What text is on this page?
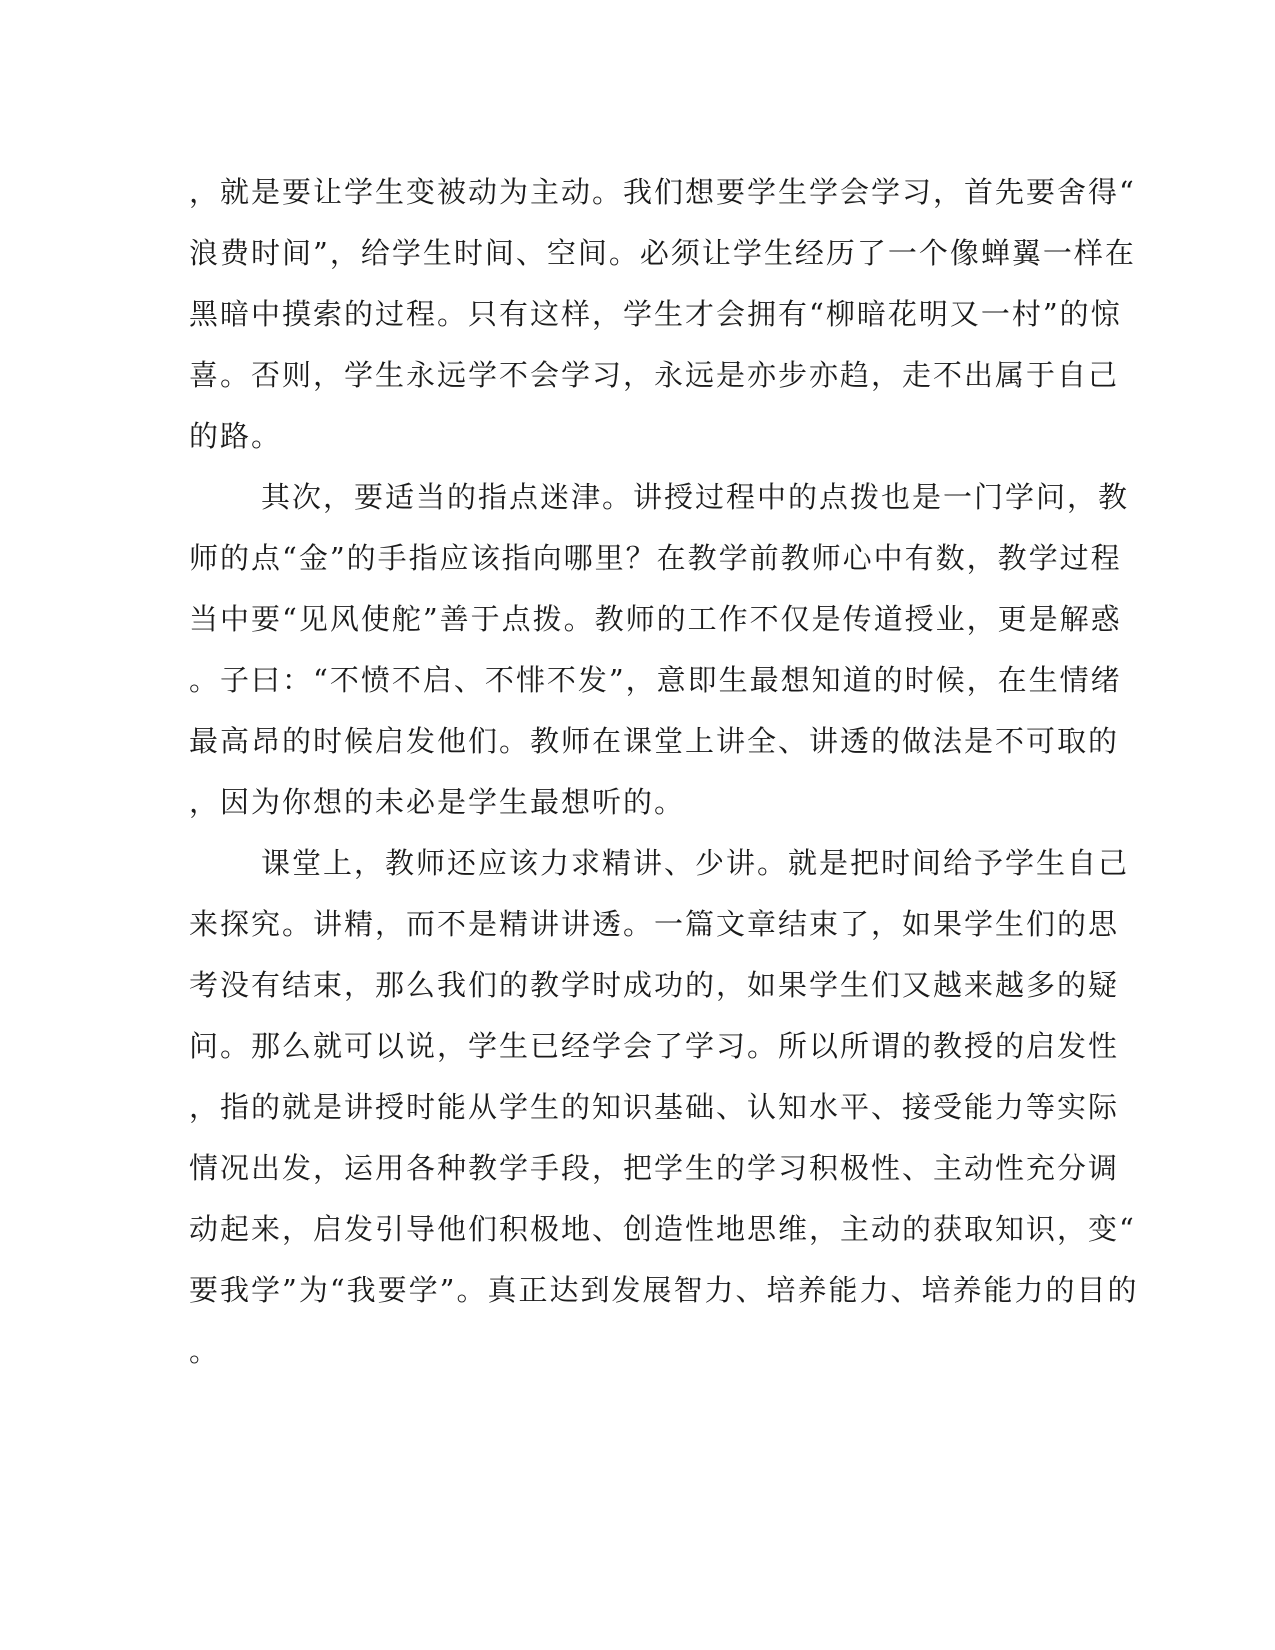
，就是要让学生变被动为主动。我们想要学生学会学习，首先要舍得“
浪费时间”，给学生时间、空间。必须让学生经历了一个像蝉翼一样在
黑暗中摸索的过程。只有这样，学生才会拥有“柳暗花明又一村”的惊
喜。否则，学生永远学不会学习，永远是亦步亦趋，走不出属于自己
的路。
其次，要适当的指点迷津。讲授过程中的点拨也是一门学问，教
师的点“金”的手指应该指向哪里？在教学前教师心中有数，教学过程
当中要“见风使舵”善于点拨。教师的工作不仅是传道授业，更是解惑
。子曰：“不愤不启、不悱不发”，意即生最想知道的时候，在生情绪
最高昂的时候启发他们。教师在课堂上讲全、讲透的做法是不可取的
，因为你想的未必是学生最想听的。
课堂上，教师还应该力求精讲、少讲。就是把时间给予学生自己
来探究。讲精，而不是精讲讲透。一篇文章结束了，如果学生们的思
考没有结束，那么我们的教学时成功的，如果学生们又越来越多的疑
问。那么就可以说，学生已经学会了学习。所以所谓的教授的启发性
，指的就是讲授时能从学生的知识基础、认知水平、接受能力等实际
情况出发，运用各种教学手段，把学生的学习积极性、主动性充分调
动起来，启发引导他们积极地、创造性地思维，主动的获取知识，变“
要我学”为“我要学”。真正达到发展智力、培养能力、培养能力的目的
。
